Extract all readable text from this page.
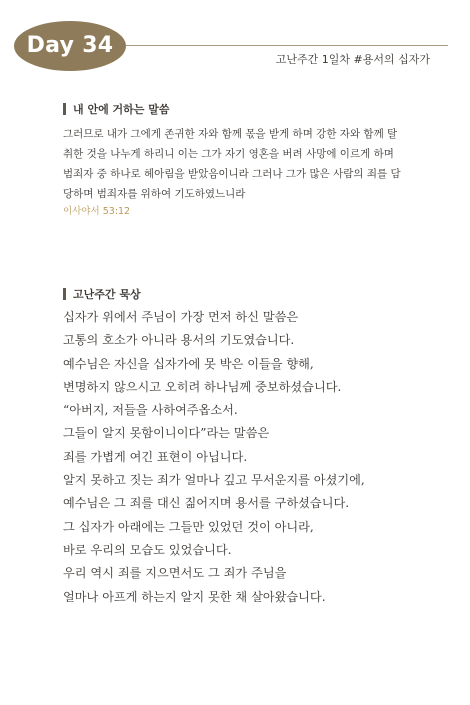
Day 34
고난주간 1일차 #용서의 십자가
내 안에 거하는 말씀
그러므로 내가 그에게 존귀한 자와 함께 몫을 받게 하며 강한 자와 함께 탈취한 것을 나누게 하리니 이는 그가 자기 영혼을 버려 사망에 이르게 하며 범죄자 중 하나로 헤아림을 받았음이니라 그러나 그가 많은 사람의 죄를 담당하며 범죄자를 위하여 기도하였느니라
이사야서 53:12
고난주간 묵상
십자가 위에서 주님이 가장 먼저 하신 말씀은
고통의 호소가 아니라 용서의 기도였습니다.
예수님은 자신을 십자가에 못 박은 이들을 향해,
변명하지 않으시고 오히려 하나님께 중보하셨습니다.
“아버지, 저들을 사하여주옵소서.
그들이 알지 못함이니이다”라는 말씀은
죄를 가볍게 여긴 표현이 아닙니다.
알지 못하고 짓는 죄가 얼마나 깊고 무서운지를 아셨기에,
예수님은 그 죄를 대신 짊어지며 용서를 구하셨습니다.
그 십자가 아래에는 그들만 있었던 것이 아니라,
바로 우리의 모습도 있었습니다.
우리 역시 죄를 지으면서도 그 죄가 주님을
얼마나 아프게 하는지 알지 못한 채 살아왔습니다.
